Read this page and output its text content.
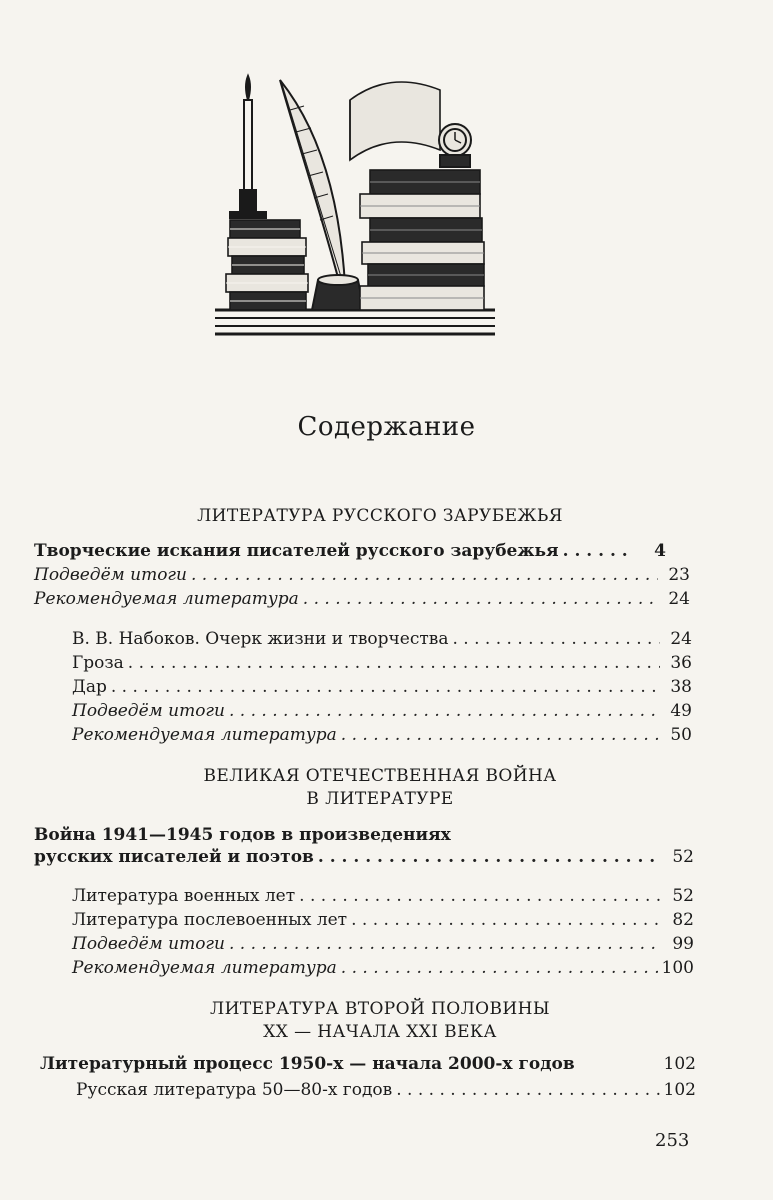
Содержание
ЛИТЕРАТУРА РУССКОГО ЗАРУБЕЖЬЯ
Творческие искания писателей русского зарубежья . . .	4
Подведём итоги . . .	23
Рекомендуемая литература . . .	24
В. В. Набоков. Очерк жизни и творчества . . .	24
Гроза . . .	36
Дар . . .	38
Подведём итоги . . .	49
Рекомендуемая литература . . .	50
ВЕЛИКАЯ ОТЕЧЕСТВЕННАЯ ВОЙНА
В ЛИТЕРАТУРЕ
Война 1941—1945 годов в произведениях
русских писателей и поэтов . . .	52
Литература военных лет . . .	52
Литература послевоенных лет . . .	82
Подведём итоги . . .	99
Рекомендуемая литература . . .	100
ЛИТЕРАТУРА ВТОРОЙ ПОЛОВИНЫ
XX — НАЧАЛА XXI ВЕКА
Литературный процесс 1950-х — начала 2000-х годов	102
Русская литература 50—80-х годов . . .	102
253
